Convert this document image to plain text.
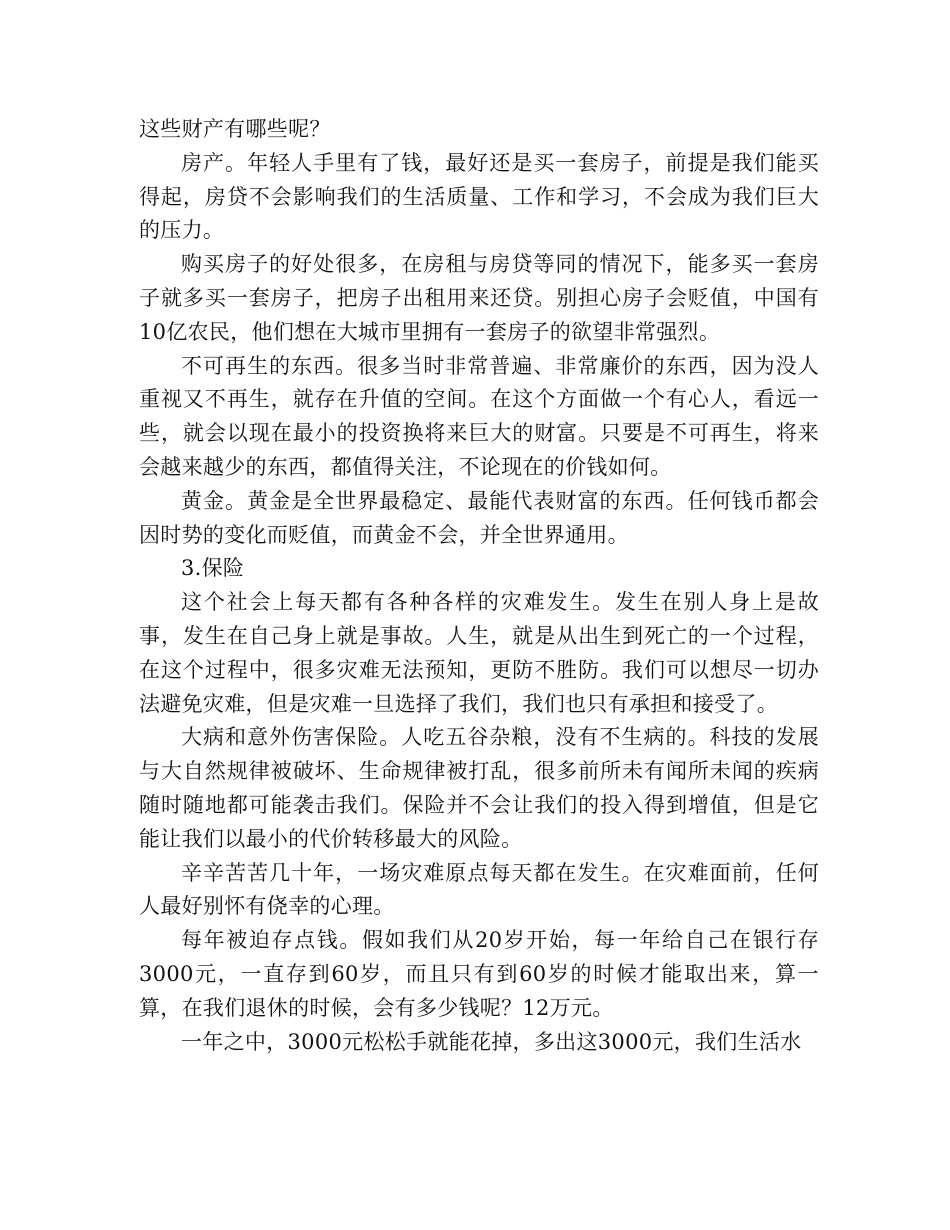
这些财产有哪些呢？

房产。年轻人手里有了钱，最好还是买一套房子，前提是我们能买得起，房贷不会影响我们的生活质量、工作和学习，不会成为我们巨大的压力。

购买房子的好处很多，在房租与房贷等同的情况下，能多买一套房子就多买一套房子，把房子出租用来还贷。别担心房子会贬值，中国有10亿农民，他们想在大城市里拥有一套房子的欲望非常强烈。

不可再生的东西。很多当时非常普遍、非常廉价的东西，因为没人重视又不再生，就存在升值的空间。在这个方面做一个有心人，看远一些，就会以现在最小的投资换将来巨大的财富。只要是不可再生，将来会越来越少的东西，都值得关注，不论现在的价钱如何。

黄金。黄金是全世界最稳定、最能代表财富的东西。任何钱币都会因时势的变化而贬值，而黄金不会，并全世界通用。

3.保险

这个社会上每天都有各种各样的灾难发生。发生在别人身上是故事，发生在自己身上就是事故。人生，就是从出生到死亡的一个过程，在这个过程中，很多灾难无法预知，更防不胜防。我们可以想尽一切办法避免灾难，但是灾难一旦选择了我们，我们也只有承担和接受了。

大病和意外伤害保险。人吃五谷杂粮，没有不生病的。科技的发展与大自然规律被破坏、生命规律被打乱，很多前所未有闻所未闻的疾病随时随地都可能袭击我们。保险并不会让我们的投入得到增值，但是它能让我们以最小的代价转移最大的风险。

辛辛苦苦几十年，一场灾难原点每天都在发生。在灾难面前，任何人最好别怀有侥幸的心理。

每年被迫存点钱。假如我们从20岁开始，每一年给自己在银行存3000元，一直存到60岁，而且只有到60岁的时候才能取出来，算一算，在我们退休的时候，会有多少钱呢？12万元。

一年之中，3000元松松手就能花掉，多出这3000元，我们生活水
